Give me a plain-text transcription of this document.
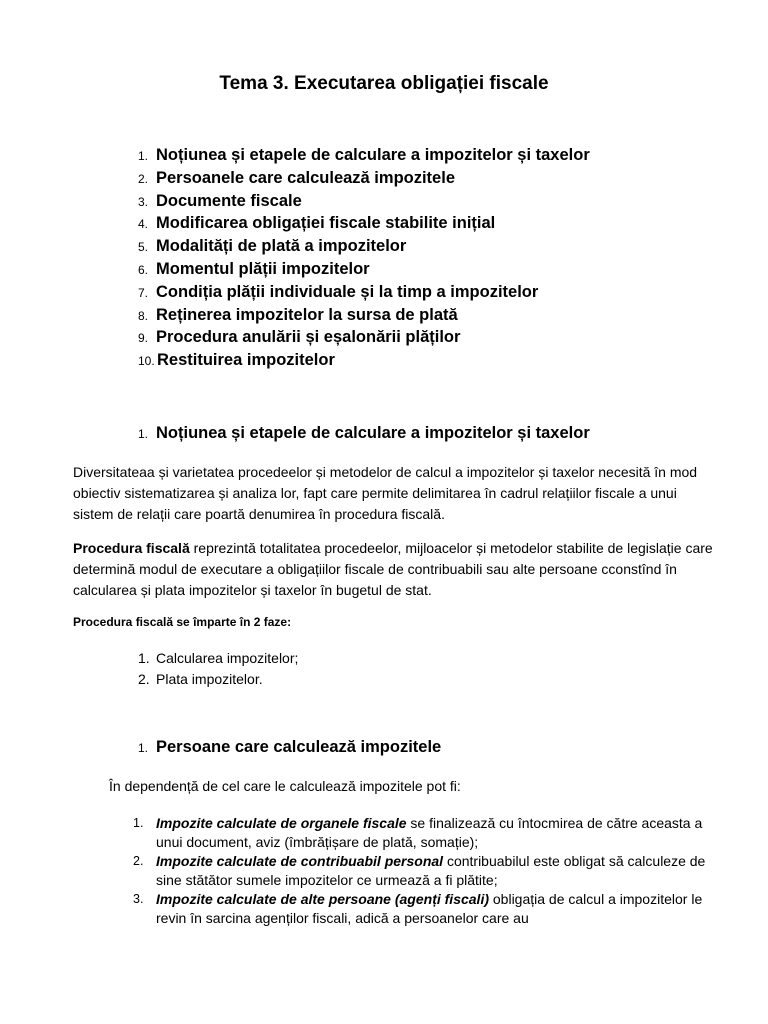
Tema 3. Executarea obligației fiscale
1. Noțiunea și etapele de calculare a impozitelor și taxelor
2. Persoanele care calculează impozitele
3. Documente fiscale
4. Modificarea obligației fiscale stabilite inițial
5. Modalități de plată a impozitelor
6. Momentul plății impozitelor
7. Condiția plății individuale și la timp a impozitelor
8. Reținerea impozitelor la sursa de plată
9. Procedura anulării și eșalonării plăților
10. Restituirea impozitelor
1. Noțiunea și etapele de calculare a impozitelor și taxelor

Diversitateaa și varietatea procedeelor și metodelor de calcul a impozitelor și taxelor necesită în mod obiectiv sistematizarea și analiza lor, fapt care permite delimitarea în cadrul relațiilor fiscale a unui sistem de relații care poartă denumirea în procedura fiscală.

Procedura fiscală reprezintă totalitatea procedeelor, mijloacelor și metodelor stabilite de legislație care determină modul de executare a obligațiilor fiscale de contribuabili sau alte persoane cconstînd în calcularea și plata impozitelor și taxelor în bugetul de stat.

Procedura fiscală se împarte în 2 faze:
1. Calcularea impozitelor;
2. Plata impozitelor.
1. Persoane care calculează impozitele
În dependență de cel care le calculează impozitele pot fi:
1. Impozite calculate de organele fiscale se finalizează cu întocmirea de către aceasta a unui document, aviz (îmbrățișare de plată, somație);
2. Impozite calculate de contribuabil personal contribuabilul este obligat să calculeze de sine stătător sumele impozitelor ce urmează a fi plătite;
3. Impozite calculate de alte persoane (agenți fiscali) obligația de calcul a impozitelor le revin în sarcina agenților fiscali, adică a persoanelor care au
